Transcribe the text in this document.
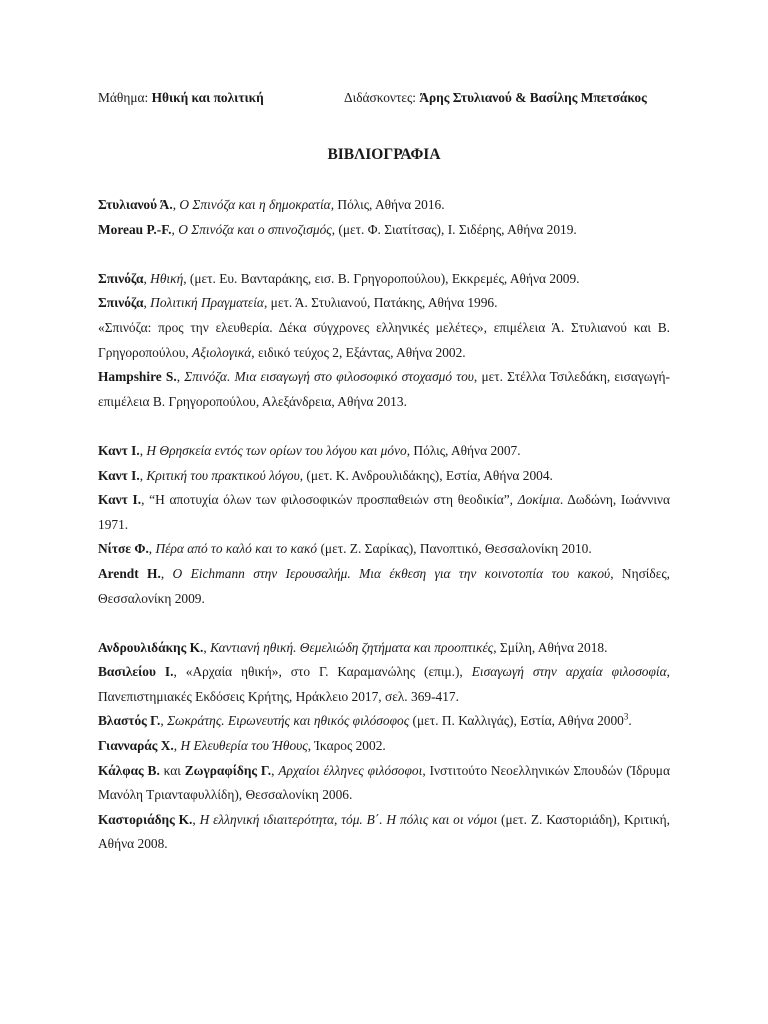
Μάθημα: Ηθική και πολιτική	Διδάσκοντες: Άρης Στυλιανού & Βασίλης Μπετσάκος
ΒΙΒΛΙΟΓΡΑΦΙΑ
Στυλιανού Ά., Ο Σπινόζα και η δημοκρατία, Πόλις, Αθήνα 2016.
Moreau P.-F., Ο Σπινόζα και ο σπινοζισμός, (μετ. Φ. Σιατίτσας), Ι. Σιδέρης, Αθήνα 2019.
Σπινόζα, Ηθική, (μετ. Ευ. Βανταράκης, εισ. Β. Γρηγοροπούλου), Εκκρεμές, Αθήνα 2009.
Σπινόζα, Πολιτική Πραγματεία, μετ. Ά. Στυλιανού, Πατάκης, Αθήνα 1996.
«Σπινόζα: προς την ελευθερία. Δέκα σύγχρονες ελληνικές μελέτες», επιμέλεια Ά. Στυλιανού και Β. Γρηγοροπούλου, Αξιολογικά, ειδικό τεύχος 2, Εξάντας, Αθήνα 2002.
Hampshire S., Σπινόζα. Μια εισαγωγή στο φιλοσοφικό στοχασμό του, μετ. Στέλλα Τσιλεδάκη, εισαγωγή-επιμέλεια Β. Γρηγοροπούλου, Αλεξάνδρεια, Αθήνα 2013.
Καντ Ι., Η Θρησκεία εντός των ορίων του λόγου και μόνο, Πόλις, Αθήνα 2007.
Καντ Ι., Κριτική του πρακτικού λόγου, (μετ. Κ. Ανδρουλιδάκης), Εστία, Αθήνα 2004.
Καντ Ι., “Η αποτυχία όλων των φιλοσοφικών προσπαθειών στη θεοδικία”, Δοκίμια. Δωδώνη, Ιωάννινα 1971.
Νίτσε Φ., Πέρα από το καλό και το κακό (μετ. Ζ. Σαρίκας), Πανοπτικό, Θεσσαλονίκη 2010.
Arendt H., Ο Eichmann στην Ιερουσαλήμ. Μια έκθεση για την κοινοτοπία του κακού, Νησίδες, Θεσσαλονίκη 2009.
Ανδρουλιδάκης Κ., Καντιανή ηθική. Θεμελιώδη ζητήματα και προοπτικές, Σμίλη, Αθήνα 2018.
Βασιλείου Ι., «Αρχαία ηθική», στο Γ. Καραμανώλης (επιμ.), Εισαγωγή στην αρχαία φιλοσοφία, Πανεπιστημιακές Εκδόσεις Κρήτης, Ηράκλειο 2017, σελ. 369-417.
Βλαστός Γ., Σωκράτης. Ειρωνευτής και ηθικός φιλόσοφος (μετ. Π. Καλλιγάς), Εστία, Αθήνα 2000$^3$.
Γιανναράς Χ., Η Ελευθερία του Ήθους, Ίκαρος 2002.
Κάλφας Β. και Ζωγραφίδης Γ., Αρχαίοι έλληνες φιλόσοφοι, Ινστιτούτο Νεοελληνικών Σπουδών (Ίδρυμα Μανόλη Τριανταφυλλίδη), Θεσσαλονίκη 2006.
Καστοριάδης Κ., Η ελληνική ιδιαιτερότητα, τόμ. Β΄. Η πόλις και οι νόμοι (μετ. Ζ. Καστοριάδη), Κριτική, Αθήνα 2008.
